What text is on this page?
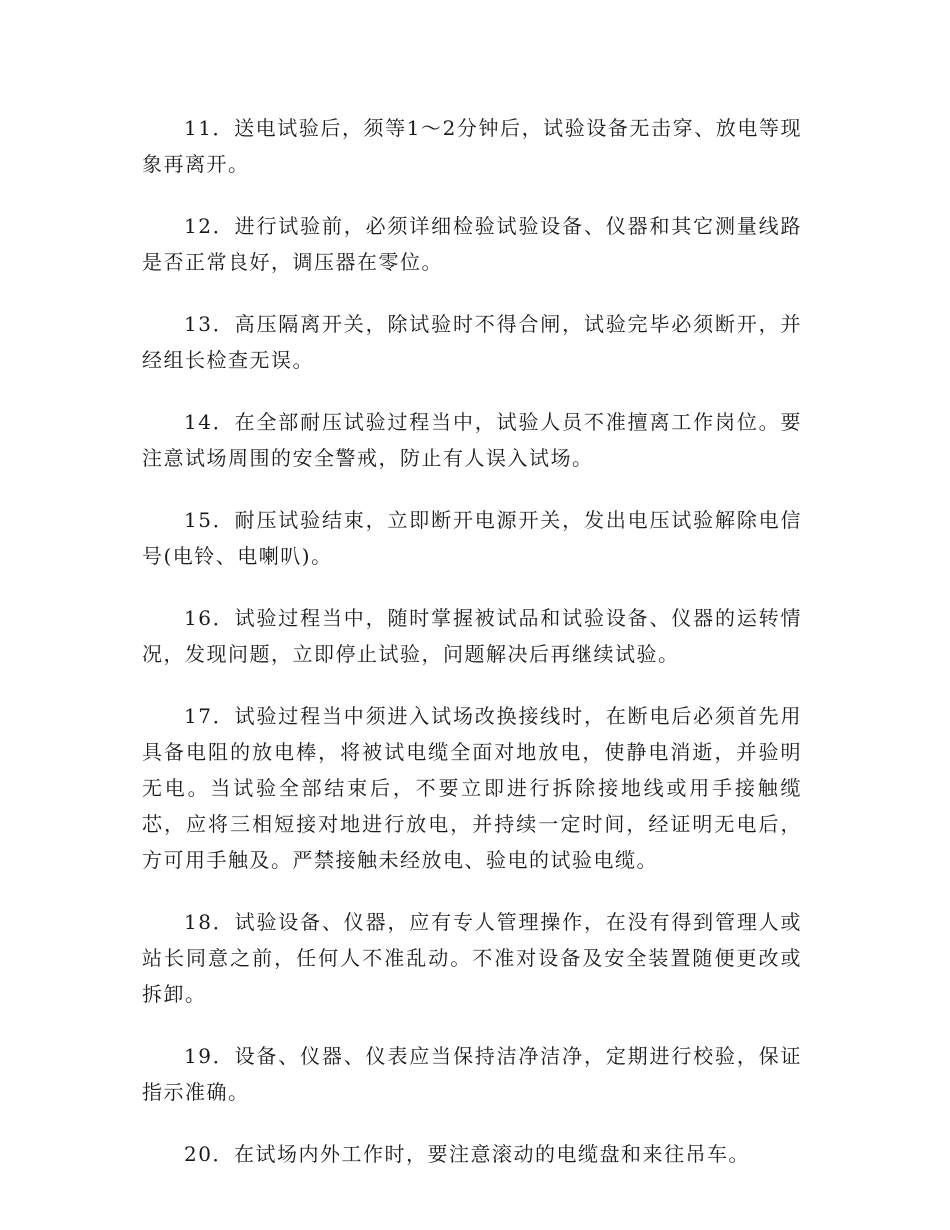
11．送电试验后，须等1～2分钟后，试验设备无击穿、放电等现象再离开。

12．进行试验前，必须详细检验试验设备、仪器和其它测量线路是否正常良好，调压器在零位。

13．高压隔离开关，除试验时不得合闸，试验完毕必须断开，并经组长检查无误。

14．在全部耐压试验过程当中，试验人员不准擅离工作岗位。要注意试场周围的安全警戒，防止有人误入试场。

15．耐压试验结束，立即断开电源开关，发出电压试验解除电信号(电铃、电喇叭)。

16．试验过程当中，随时掌握被试品和试验设备、仪器的运转情况，发现问题，立即停止试验，问题解决后再继续试验。

17．试验过程当中须进入试场改换接线时，在断电后必须首先用具备电阻的放电棒，将被试电缆全面对地放电，使静电消逝，并验明无电。当试验全部结束后，不要立即进行拆除接地线或用手接触缆芯，应将三相短接对地进行放电，并持续一定时间，经证明无电后，方可用手触及。严禁接触未经放电、验电的试验电缆。

18．试验设备、仪器，应有专人管理操作，在没有得到管理人或站长同意之前，任何人不准乱动。不准对设备及安全装置随便更改或拆卸。

19．设备、仪器、仪表应当保持洁净洁净，定期进行校验，保证指示准确。

20．在试场内外工作时，要注意滚动的电缆盘和来往吊车。
